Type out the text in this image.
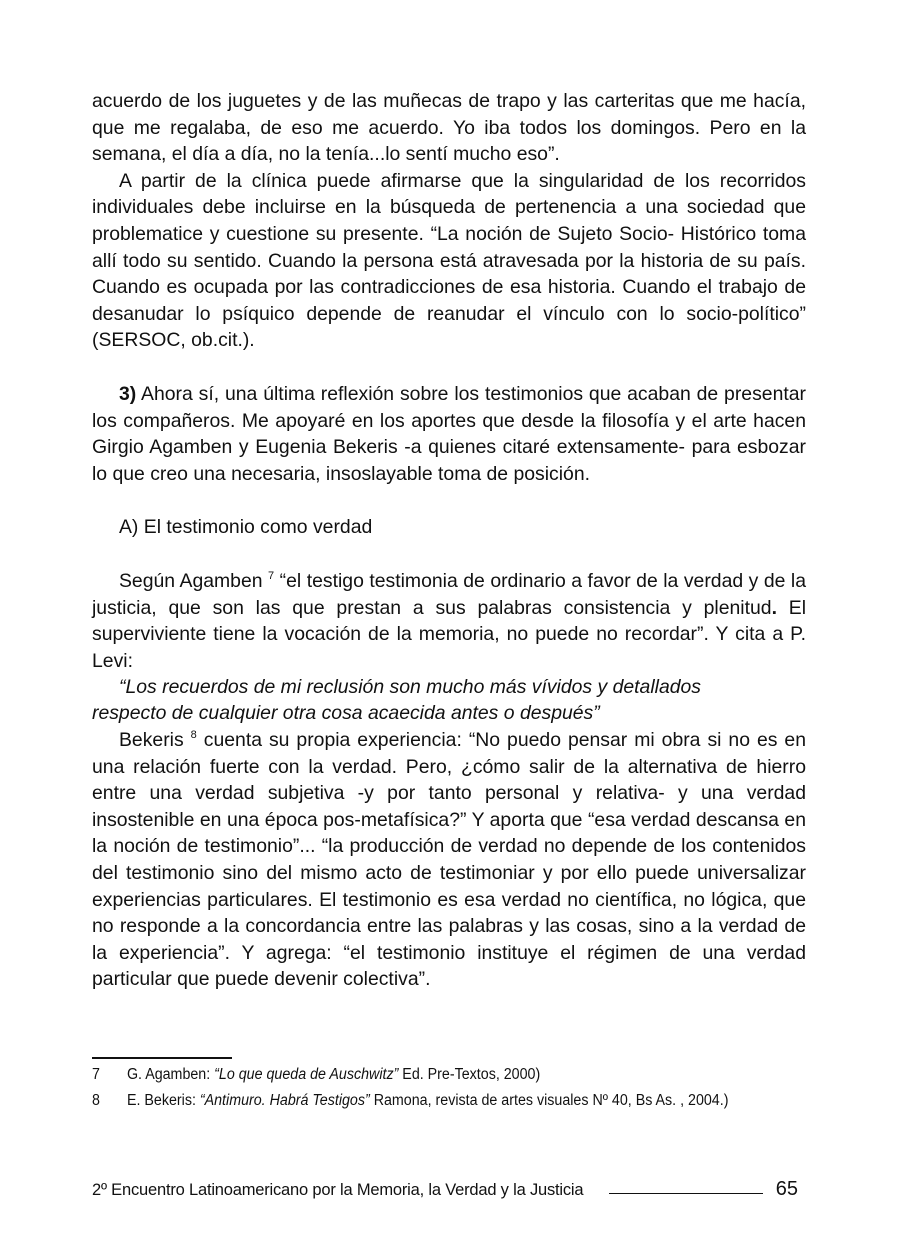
acuerdo de los juguetes y de las muñecas de trapo y las carteritas que me hacía, que me regalaba, de eso me acuerdo. Yo iba todos los domingos. Pero en la semana, el día a día, no la tenía...lo sentí mucho eso”.

A partir de la clínica puede afirmarse que la singularidad de los recorridos individuales debe incluirse en la búsqueda de pertenencia a una sociedad que problematice y cuestione su presente. “La noción de Sujeto Socio- Histórico toma allí todo su sentido. Cuando la persona está atravesada por la historia de su país. Cuando es ocupada por las contradicciones de esa historia. Cuando el trabajo de desanudar lo psíquico depende de reanudar el vínculo con lo socio-político” (SERSOC, ob.cit.).

3) Ahora sí, una última reflexión sobre los testimonios que acaban de presentar los compañeros. Me apoyaré en los aportes que desde la filosofía y el arte hacen Girgio Agamben y Eugenia Bekeris -a quienes citaré extensamente- para esbozar lo que creo una necesaria, insoslayable toma de posición.

A) El testimonio como verdad

Según Agamben $^7$ “el testigo testimonia de ordinario a favor de la verdad y de la justicia, que son las que prestan a sus palabras consistencia y plenitud. El superviviente tiene la vocación de la memoria, no puede no recordar”. Y cita a P. Levi:

“Los recuerdos de mi reclusión son mucho más vívidos y detallados

respecto de cualquier otra cosa acaecida antes o después”

Bekeris $^8$ cuenta su propia experiencia: “No puedo pensar mi obra si no es en una relación fuerte con la verdad. Pero, ¿cómo salir de la alternativa de hierro entre una verdad subjetiva -y por tanto personal y relativa- y una verdad insostenible en una época pos-metafísica?” Y aporta que “esa verdad descansa en la noción de testimonio”... “la producción de verdad no depende de los contenidos del testimonio sino del mismo acto de testimoniar y por ello puede universalizar experiencias particulares. El testimonio es esa verdad no científica, no lógica, que no responde a la concordancia entre las palabras y las cosas, sino a la verdad de la experiencia”. Y agrega: “el testimonio instituye el régimen de una verdad particular que puede devenir colectiva”.

7 G. Agamben: “Lo que queda de Auschwitz” Ed. Pre-Textos, 2000)

8 E. Bekeris: “Antimuro. Habrá Testigos” Ramona, revista de artes visuales Nº 40, Bs As. , 2004.)

2º Encuentro Latinoamericano por la Memoria, la Verdad y la Justicia	65
